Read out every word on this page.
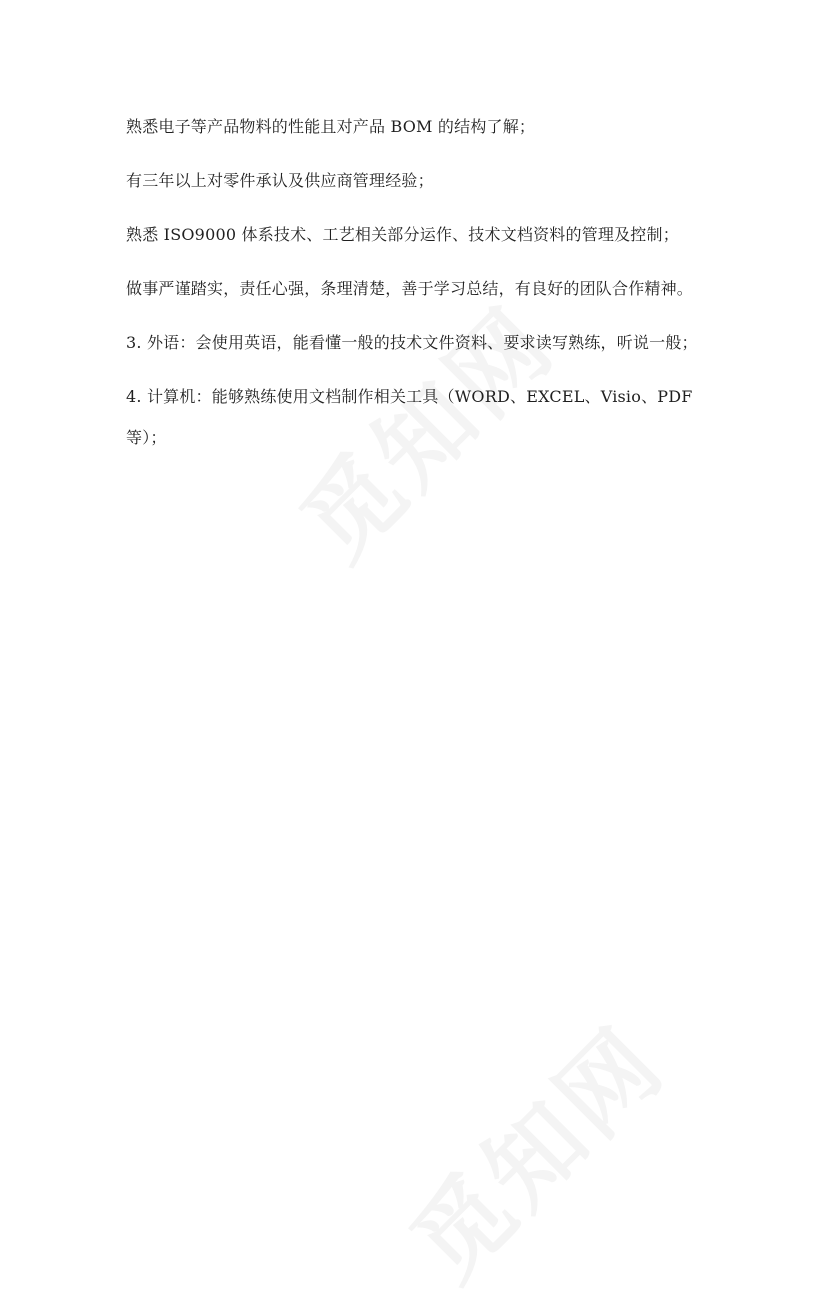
熟悉电子等产品物料的性能且对产品 BOM 的结构了解；

有三年以上对零件承认及供应商管理经验；

熟悉 ISO9000 体系技术、工艺相关部分运作、技术文档资料的管理及控制；

做事严谨踏实，责任心强，条理清楚，善于学习总结，有良好的团队合作精神。

3. 外语：会使用英语，能看懂一般的技术文件资料、要求读写熟练，听说一般；

4. 计算机：能够熟练使用文档制作相关工具（WORD、EXCEL、Visio、PDF 等）；
